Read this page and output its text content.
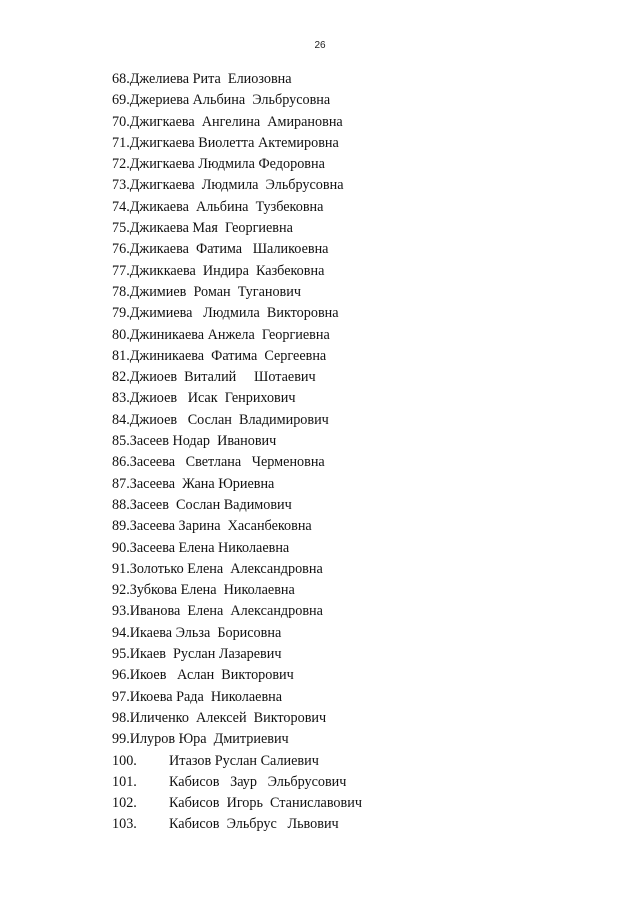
26
68.Джелиева Рита  Елиозовна
69.Джериева Альбина  Эльбрусовна
70.Джигкаева  Ангелина  Амирановна
71.Джигкаева Виолетта Актемировна
72.Джигкаева Людмила Федоровна
73.Джигкаева  Людмила  Эльбрусовна
74.Джикаева  Альбина  Тузбековна
75.Джикаева Мая  Георгиевна
76.Джикаева  Фатима   Шаликоевна
77.Джиккаева  Индира  Казбековна
78.Джимиев  Роман  Туганович
79.Джимиева   Людмила  Викторовна
80.Джиникаева Анжела  Георгиевна
81.Джиникаева  Фатима  Сергеевна
82.Джиоев  Виталий     Шотаевич
83.Джиоев   Исак  Генрихович
84.Джиоев   Сослан  Владимирович
85.Засеев Нодар  Иванович
86.Засеева   Светлана   Черменовна
87.Засеева  Жана Юриевна
88.Засеев  Сослан Вадимович
89.Засеева Зарина  Хасанбековна
90.Засеева Елена Николаевна
91.Золотько Елена  Александровна
92.Зубкова Елена  Николаевна
93.Иванова  Елена  Александровна
94.Икаева Эльза  Борисовна
95.Икаев  Руслан Лазаревич
96.Икоев   Аслан  Викторович
97.Икоева Рада  Николаевна
98.Иличенко  Алексей  Викторович
99.Илуров Юра  Дмитриевич
100. Итазов Руслан Салиевич
101. Кабисов   Заур   Эльбрусович
102. Кабисов  Игорь  Станиславович
103. Кабисов  Эльбрус   Львович
